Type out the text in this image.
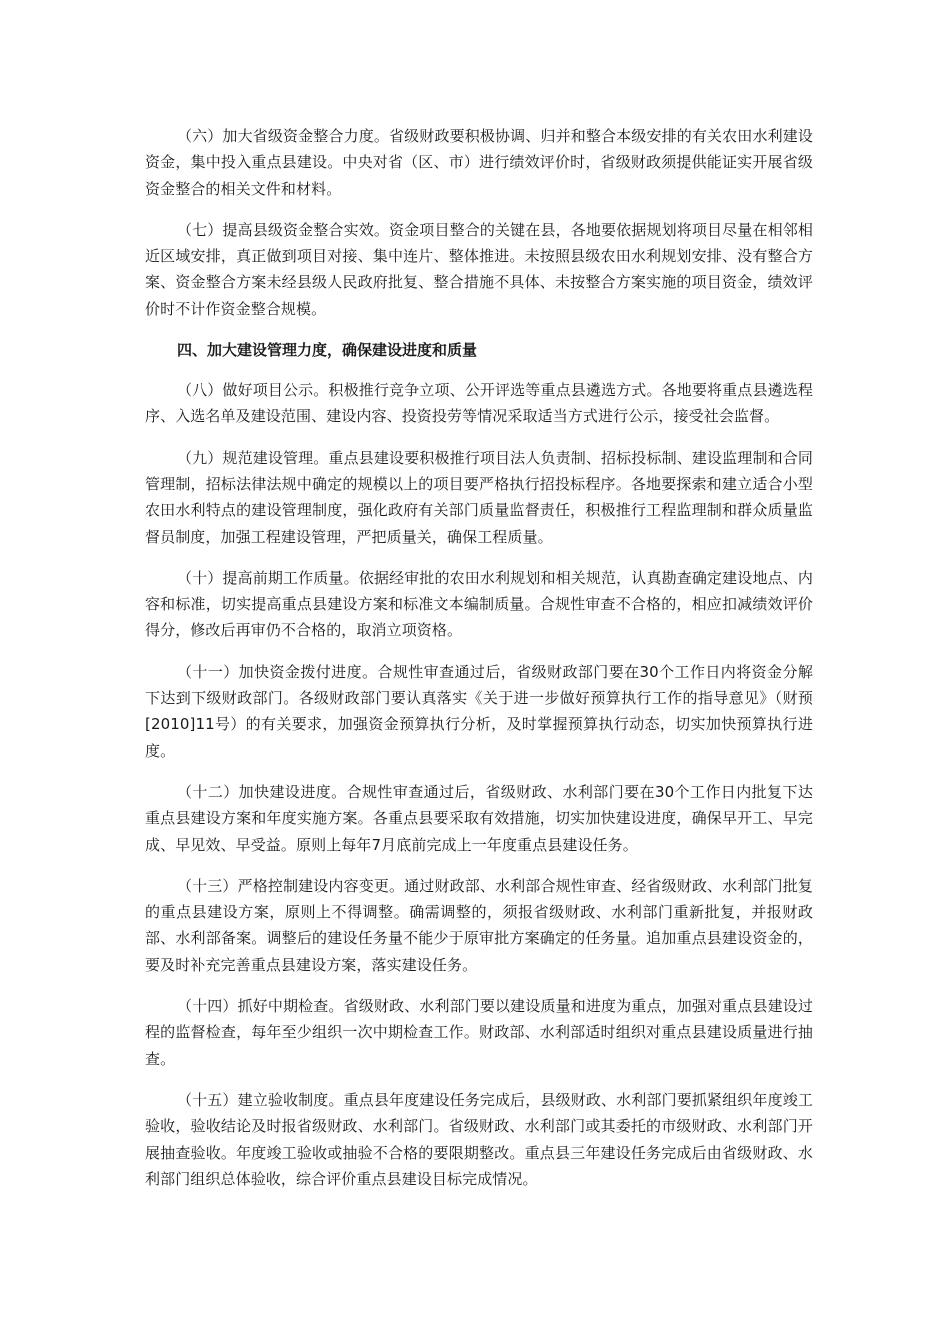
（六）加大省级资金整合力度。省级财政要积极协调、归并和整合本级安排的有关农田水利建设资金，集中投入重点县建设。中央对省（区、市）进行绩效评价时，省级财政须提供能证实开展省级资金整合的相关文件和材料。

（七）提高县级资金整合实效。资金项目整合的关键在县，各地要依据规划将项目尽量在相邻相近区域安排，真正做到项目对接、集中连片、整体推进。未按照县级农田水利规划安排、没有整合方案、资金整合方案未经县级人民政府批复、整合措施不具体、未按整合方案实施的项目资金，绩效评价时不计作资金整合规模。

四、加大建设管理力度，确保建设进度和质量

（八）做好项目公示。积极推行竞争立项、公开评选等重点县遴选方式。各地要将重点县遴选程序、入选名单及建设范围、建设内容、投资投劳等情况采取适当方式进行公示，接受社会监督。

（九）规范建设管理。重点县建设要积极推行项目法人负责制、招标投标制、建设监理制和合同管理制，招标法律法规中确定的规模以上的项目要严格执行招投标程序。各地要探索和建立适合小型农田水利特点的建设管理制度，强化政府有关部门质量监督责任，积极推行工程监理制和群众质量监督员制度，加强工程建设管理，严把质量关，确保工程质量。

（十）提高前期工作质量。依据经审批的农田水利规划和相关规范，认真勘查确定建设地点、内容和标准，切实提高重点县建设方案和标准文本编制质量。合规性审查不合格的，相应扣减绩效评价得分，修改后再审仍不合格的，取消立项资格。

（十一）加快资金拨付进度。合规性审查通过后，省级财政部门要在30个工作日内将资金分解下达到下级财政部门。各级财政部门要认真落实《关于进一步做好预算执行工作的指导意见》（财预[2010]11号）的有关要求，加强资金预算执行分析，及时掌握预算执行动态，切实加快预算执行进度。

（十二）加快建设进度。合规性审查通过后，省级财政、水利部门要在30个工作日内批复下达重点县建设方案和年度实施方案。各重点县要采取有效措施，切实加快建设进度，确保早开工、早完成、早见效、早受益。原则上每年7月底前完成上一年度重点县建设任务。

（十三）严格控制建设内容变更。通过财政部、水利部合规性审查、经省级财政、水利部门批复的重点县建设方案，原则上不得调整。确需调整的，须报省级财政、水利部门重新批复，并报财政部、水利部备案。调整后的建设任务量不能少于原审批方案确定的任务量。追加重点县建设资金的，要及时补充完善重点县建设方案，落实建设任务。

（十四）抓好中期检查。省级财政、水利部门要以建设质量和进度为重点，加强对重点县建设过程的监督检查，每年至少组织一次中期检查工作。财政部、水利部适时组织对重点县建设质量进行抽查。

（十五）建立验收制度。重点县年度建设任务完成后，县级财政、水利部门要抓紧组织年度竣工验收，验收结论及时报省级财政、水利部门。省级财政、水利部门或其委托的市级财政、水利部门开展抽查验收。年度竣工验收或抽验不合格的要限期整改。重点县三年建设任务完成后由省级财政、水利部门组织总体验收，综合评价重点县建设目标完成情况。
